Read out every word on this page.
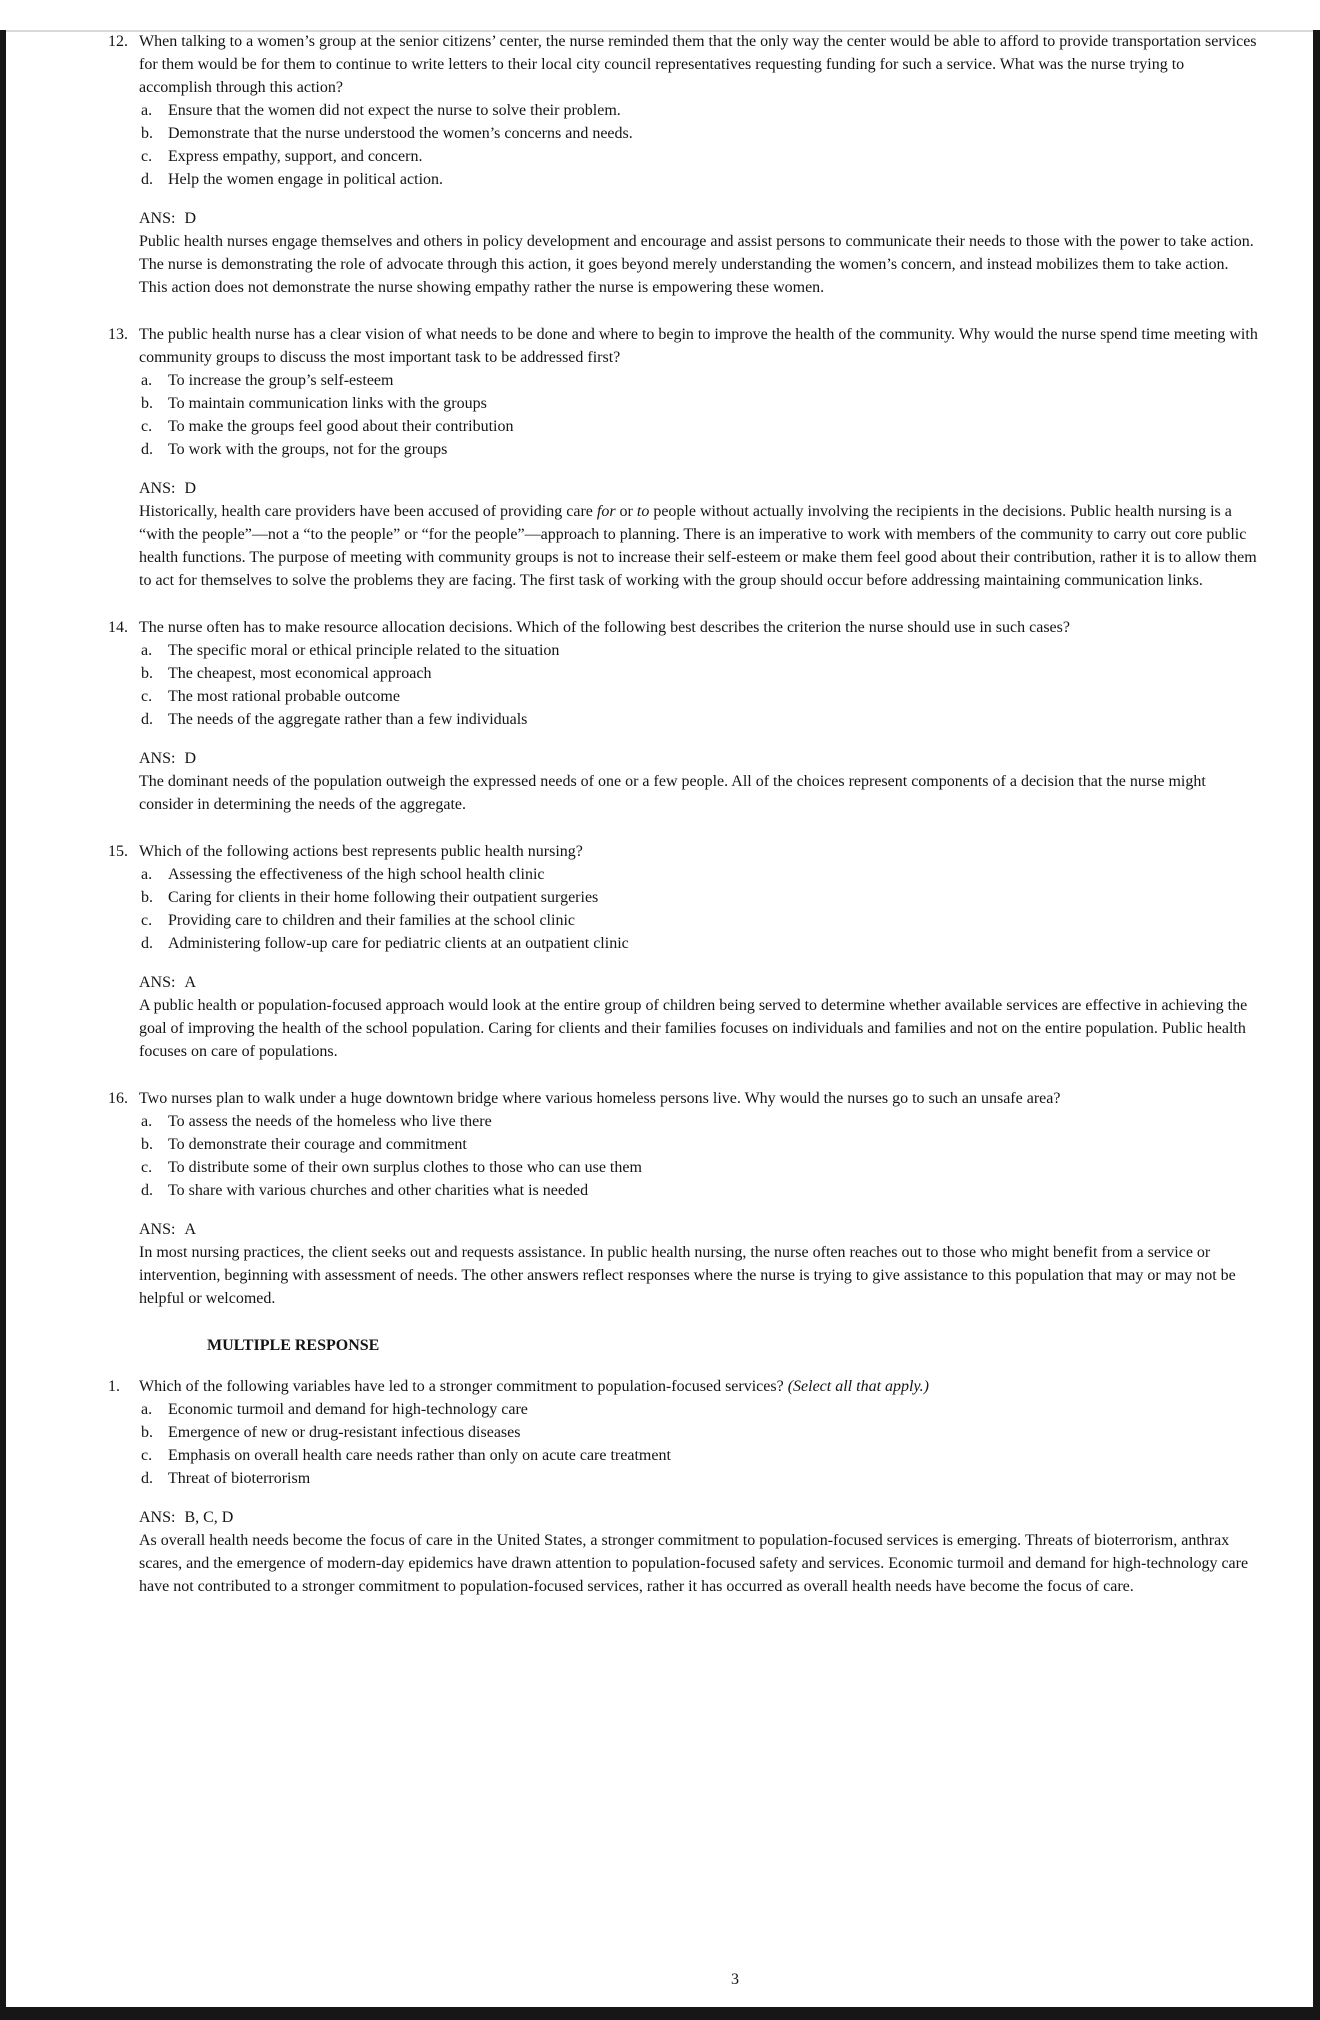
12. When talking to a women’s group at the senior citizens’ center, the nurse reminded them that the only way the center would be able to afford to provide transportation services for them would be for them to continue to write letters to their local city council representatives requesting funding for such a service. What was the nurse trying to accomplish through this action?
a. Ensure that the women did not expect the nurse to solve their problem.
b. Demonstrate that the nurse understood the women’s concerns and needs.
c. Express empathy, support, and concern.
d. Help the women engage in political action.
ANS: D
Public health nurses engage themselves and others in policy development and encourage and assist persons to communicate their needs to those with the power to take action. The nurse is demonstrating the role of advocate through this action, it goes beyond merely understanding the women’s concern, and instead mobilizes them to take action. This action does not demonstrate the nurse showing empathy rather the nurse is empowering these women.
13. The public health nurse has a clear vision of what needs to be done and where to begin to improve the health of the community. Why would the nurse spend time meeting with community groups to discuss the most important task to be addressed first?
a. To increase the group’s self-esteem
b. To maintain communication links with the groups
c. To make the groups feel good about their contribution
d. To work with the groups, not for the groups
ANS: D
Historically, health care providers have been accused of providing care for or to people without actually involving the recipients in the decisions. Public health nursing is a “with the people”—not a “to the people” or “for the people”—approach to planning. There is an imperative to work with members of the community to carry out core public health functions. The purpose of meeting with community groups is not to increase their self-esteem or make them feel good about their contribution, rather it is to allow them to act for themselves to solve the problems they are facing. The first task of working with the group should occur before addressing maintaining communication links.
14. The nurse often has to make resource allocation decisions. Which of the following best describes the criterion the nurse should use in such cases?
a. The specific moral or ethical principle related to the situation
b. The cheapest, most economical approach
c. The most rational probable outcome
d. The needs of the aggregate rather than a few individuals
ANS: D
The dominant needs of the population outweigh the expressed needs of one or a few people. All of the choices represent components of a decision that the nurse might consider in determining the needs of the aggregate.
15. Which of the following actions best represents public health nursing?
a. Assessing the effectiveness of the high school health clinic
b. Caring for clients in their home following their outpatient surgeries
c. Providing care to children and their families at the school clinic
d. Administering follow-up care for pediatric clients at an outpatient clinic
ANS: A
A public health or population-focused approach would look at the entire group of children being served to determine whether available services are effective in achieving the goal of improving the health of the school population. Caring for clients and their families focuses on individuals and families and not on the entire population. Public health focuses on care of populations.
16. Two nurses plan to walk under a huge downtown bridge where various homeless persons live. Why would the nurses go to such an unsafe area?
a. To assess the needs of the homeless who live there
b. To demonstrate their courage and commitment
c. To distribute some of their own surplus clothes to those who can use them
d. To share with various churches and other charities what is needed
ANS: A
In most nursing practices, the client seeks out and requests assistance. In public health nursing, the nurse often reaches out to those who might benefit from a service or intervention, beginning with assessment of needs. The other answers reflect responses where the nurse is trying to give assistance to this population that may or may not be helpful or welcomed.
MULTIPLE RESPONSE
1.	Which of the following variables have led to a stronger commitment to population-focused services? (Select all that apply.)
a. Economic turmoil and demand for high-technology care
b. Emergence of new or drug-resistant infectious diseases
c. Emphasis on overall health care needs rather than only on acute care treatment
d. Threat of bioterrorism
ANS: B, C, D
As overall health needs become the focus of care in the United States, a stronger commitment to population-focused services is emerging. Threats of bioterrorism, anthrax scares, and the emergence of modern-day epidemics have drawn attention to population-focused safety and services. Economic turmoil and demand for high-technology care have not contributed to a stronger commitment to population-focused services, rather it has occurred as overall health needs have become the focus of care.
3
